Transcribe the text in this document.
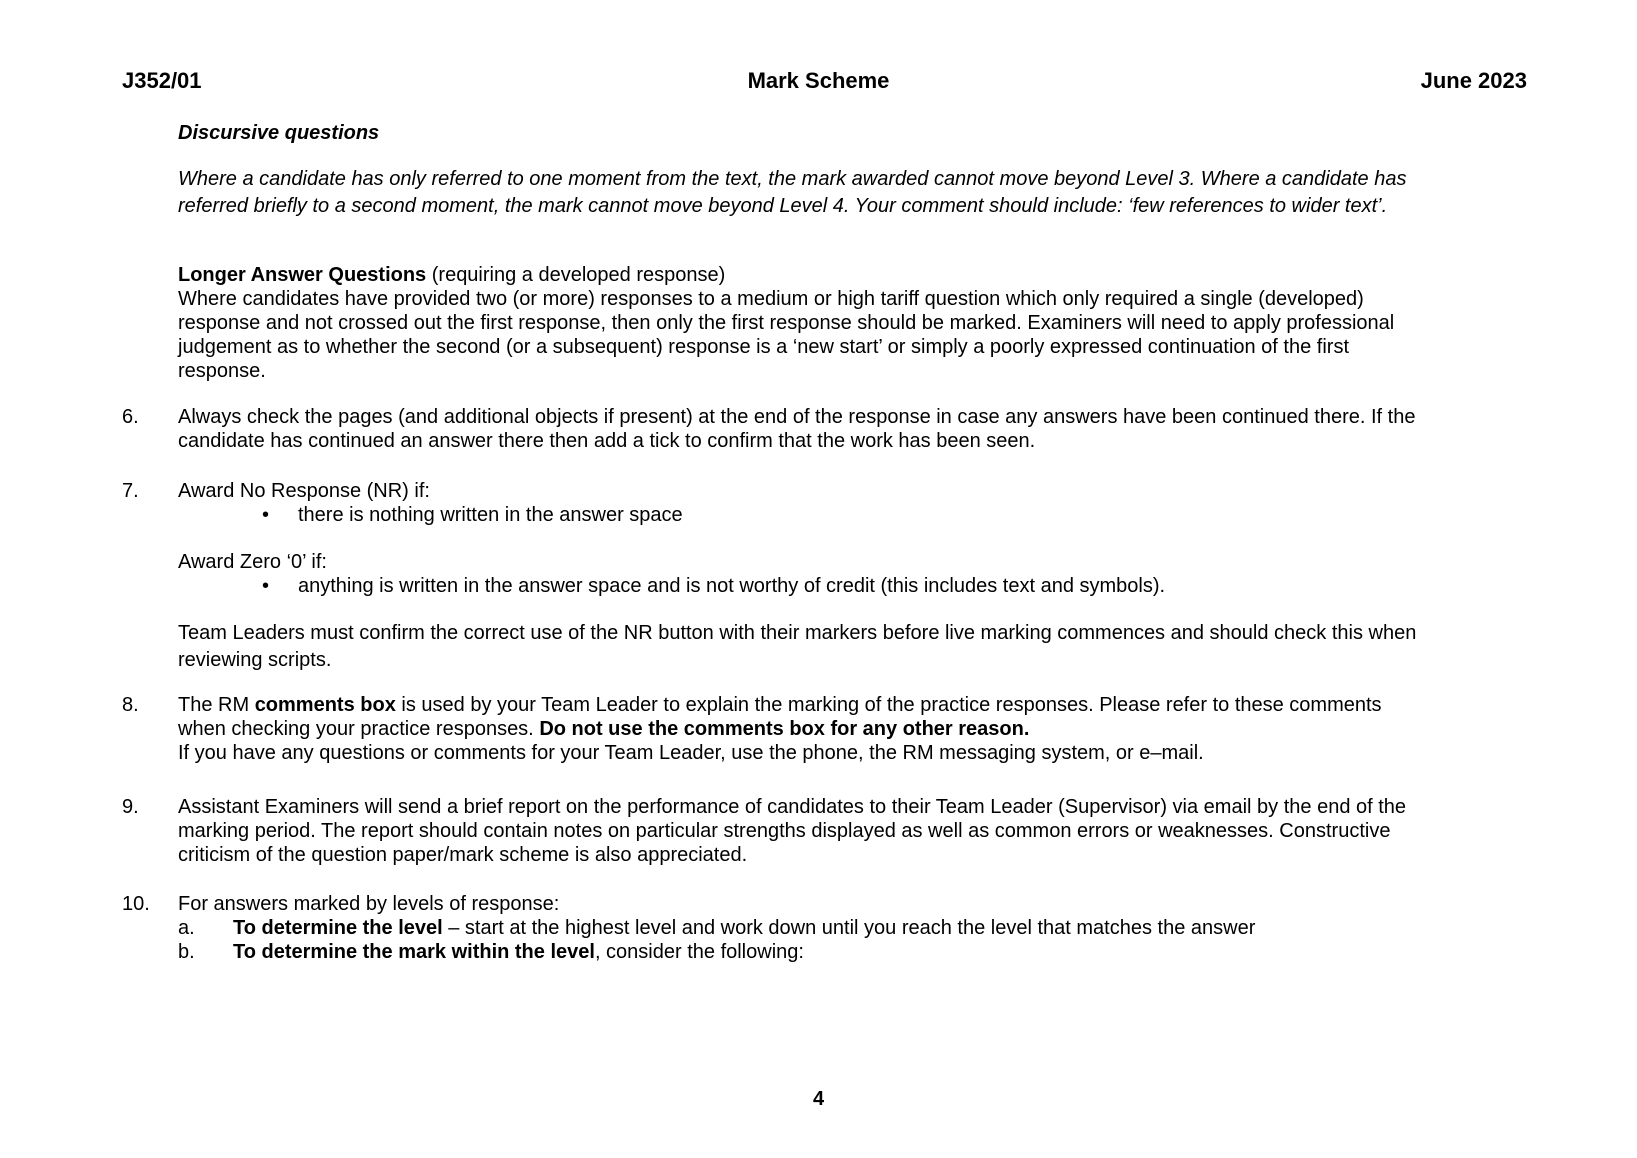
J352/01	Mark Scheme	June 2023
Discursive questions
Where a candidate has only referred to one moment from the text, the mark awarded cannot move beyond Level 3. Where a candidate has
referred briefly to a second moment, the mark cannot move beyond Level 4. Your comment should include: ‘few references to wider text’.
Longer Answer Questions (requiring a developed response)
Where candidates have provided two (or more) responses to a medium or high tariff question which only required a single (developed)
response and not crossed out the first response, then only the first response should be marked. Examiners will need to apply professional
judgement as to whether the second (or a subsequent) response is a ‘new start’ or simply a poorly expressed continuation of the first
response.
6. Always check the pages (and additional objects if present) at the end of the response in case any answers have been continued there. If the
candidate has continued an answer there then add a tick to confirm that the work has been seen.
7. Award No Response (NR) if:
• there is nothing written in the answer space
Award Zero ‘0’ if:
• anything is written in the answer space and is not worthy of credit (this includes text and symbols).
Team Leaders must confirm the correct use of the NR button with their markers before live marking commences and should check this when
reviewing scripts.
8. The RM comments box is used by your Team Leader to explain the marking of the practice responses. Please refer to these comments
when checking your practice responses. Do not use the comments box for any other reason.
If you have any questions or comments for your Team Leader, use the phone, the RM messaging system, or e–mail.
9. Assistant Examiners will send a brief report on the performance of candidates to their Team Leader (Supervisor) via email by the end of the
marking period. The report should contain notes on particular strengths displayed as well as common errors or weaknesses. Constructive
criticism of the question paper/mark scheme is also appreciated.
10. For answers marked by levels of response:
a. To determine the level – start at the highest level and work down until you reach the level that matches the answer
b. To determine the mark within the level, consider the following:
4
